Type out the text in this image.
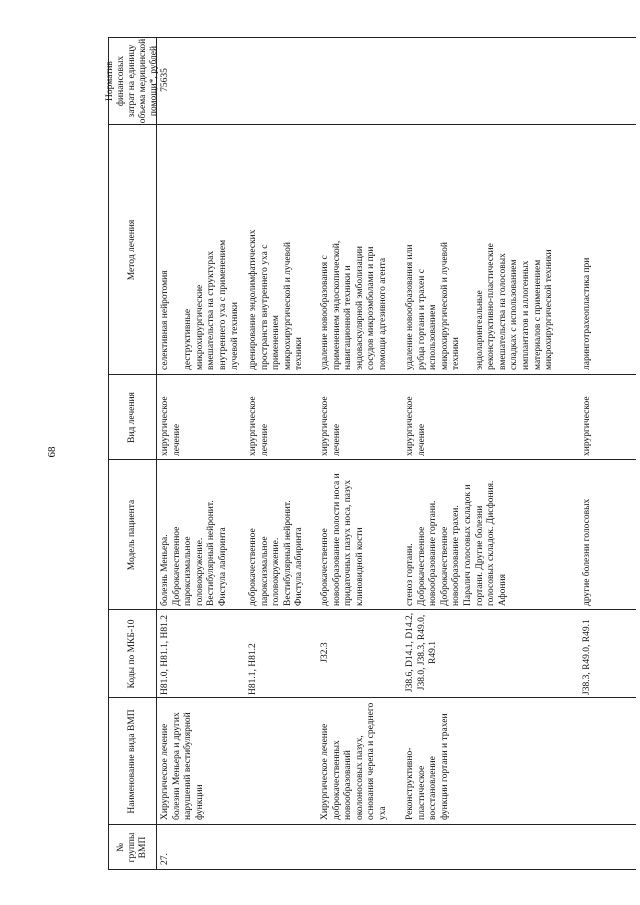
68
№
группы
ВМП
Наименование вида ВМП
Коды по МКБ-10
Модель пациента
Вид лечения
Метод лечения
Норматив финансовых
затрат на единицу
объема медицинской
помощи*, рублей
27.
Хирургическое лечение
болезни Меньера и других
нарушений вестибулярной
функции
H81.0, H81.1, H81.2
болезнь Меньера.
Доброкачественное
пароксизмальное
головокружение.
Вестибулярный нейронит.
Фистула лабиринта
хирургическое
лечение
селективная нейротомия

деструктивные
микрохирургические
вмешательства на структурах
внутреннего уха с применением
лучевой техники
75635
H81.1, H81.2
доброкачественное
пароксизмальное
головокружение.
Вестибулярный нейронит.
Фистула лабиринта
хирургическое
лечение
дренирование эндолимфатических
пространств внутреннего уха с
применением
микрохирургической и лучевой
техники
Хирургическое лечение
доброкачественных
новообразований
околоносовых пазух,
основания черепа и среднего
уха
J32.3
доброкачественное
новообразование полости носа и
придаточных пазух носа, пазух
клиновидной кости
хирургическое
лечение
удаление новообразования с
применением эндоскопической,
навигационной техники и
эндоваскулярной эмболизации
сосудов микроэмболами и при
помощи адгезивного агента
Реконструктивно-
пластическое восстановление
функции гортани и трахеи
J38.6, D14.1, D14.2,
J38.0, J38.3, R49.0,
R49.1
стеноз гортани.
Доброкачественное
новообразование гортани.
Доброкачественное
новообразование трахеи.
Паралич голосовых складок и
гортани. Другие болезни
голосовых складок. Дисфония.
Афония
хирургическое
лечение
удаление новообразования или
рубца гортани и трахеи с
использованием
микрохирургической и лучевой
техники

эндоларингеальные
реконструктивно-пластические
вмешательства на голосовых
складках с использованием
имплантатов и аллогенных
материалов с применением
микрохирургической техники
J38.3, R49.0, R49.1
другие болезни голосовых
хирургическое
ларинготрахеопластика при
